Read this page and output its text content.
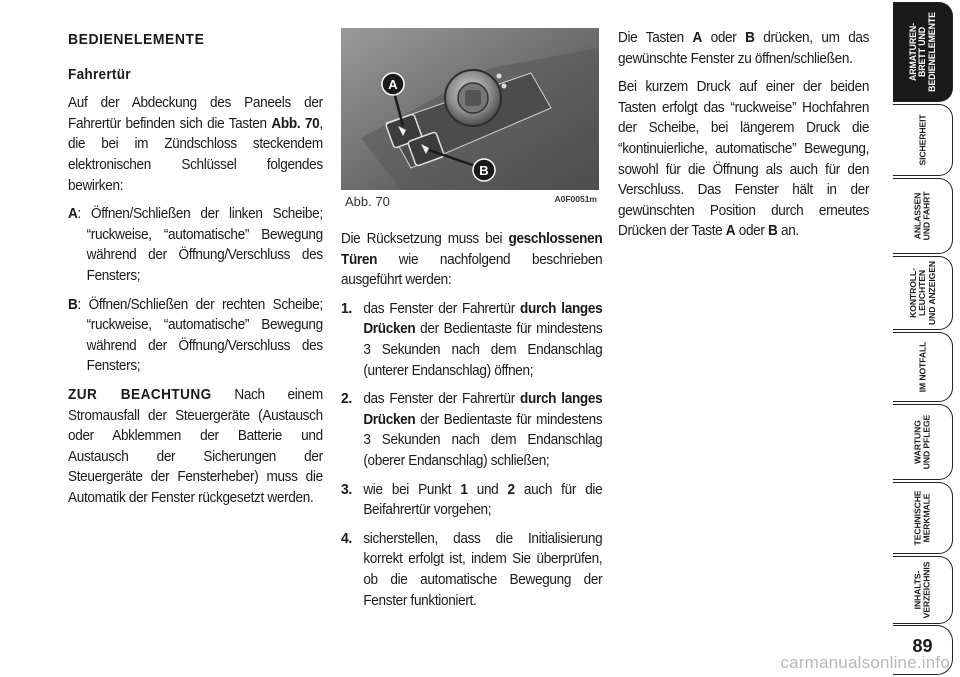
BEDIENELEMENTE
Fahrertür

Auf der Abdeckung des Paneels der Fahrertür befinden sich die Tasten Abb. 70, die bei im Zündschloss steckendem elektronischen Schlüssel folgendes bewirken:

A: Öffnen/Schließen der linken Scheibe; “ruckweise, “automatische” Bewegung während der Öffnung/Verschluss des Fensters;

B: Öffnen/Schließen der rechten Scheibe; “ruckweise, “automatische” Bewegung während der Öffnung/Verschluss des Fensters;

ZUR BEACHTUNG Nach einem Stromausfall der Steuergeräte (Austausch oder Abklemmen der Batterie und Austausch der Sicherungen der Steuergeräte der Fensterheber) muss die Automatik der Fenster rückgesetzt werden.

A
B
Abb. 70	A0F0051m

Die Rücksetzung muss bei geschlossenen Türen wie nachfolgend beschrieben ausgeführt werden:

1. das Fenster der Fahrertür durch langes Drücken der Bedientaste für mindestens 3 Sekunden nach dem Endanschlag (unterer Endanschlag) öffnen;
2. das Fenster der Fahrertür durch langes Drücken der Bedientaste für mindestens 3 Sekunden nach dem Endanschlag (oberer Endanschlag) schließen;
3. wie bei Punkt 1 und 2 auch für die Beifahrertür vorgehen;
4. sicherstellen, dass die Initialisierung korrekt erfolgt ist, indem Sie überprüfen, ob die automatische Bewegung der Fenster funktioniert.

Die Tasten A oder B drücken, um das gewünschte Fenster zu öffnen/schließen.

Bei kurzem Druck auf einer der beiden Tasten erfolgt das “ruckweise” Hochfahren der Scheibe, bei längerem Druck die “kontinuierliche, automatische” Bewegung, sowohl für die Öffnung als auch für den Verschluss. Das Fenster hält in der gewünschten Position durch erneutes Drücken der Taste A oder B an.

ARMATUREN-
BRETT UND
BEDIENELEMENTE
SICHERHEIT
ANLASSEN
UND FAHRT
KONTROLL-
LEUCHTEN
UND ANZEIGEN
IM NOTFALL
WARTUNG
UND PFLEGE
TECHNISCHE
MERKMALE
INHALTS-
VERZEICHNIS
89
carmanualsonline.info
